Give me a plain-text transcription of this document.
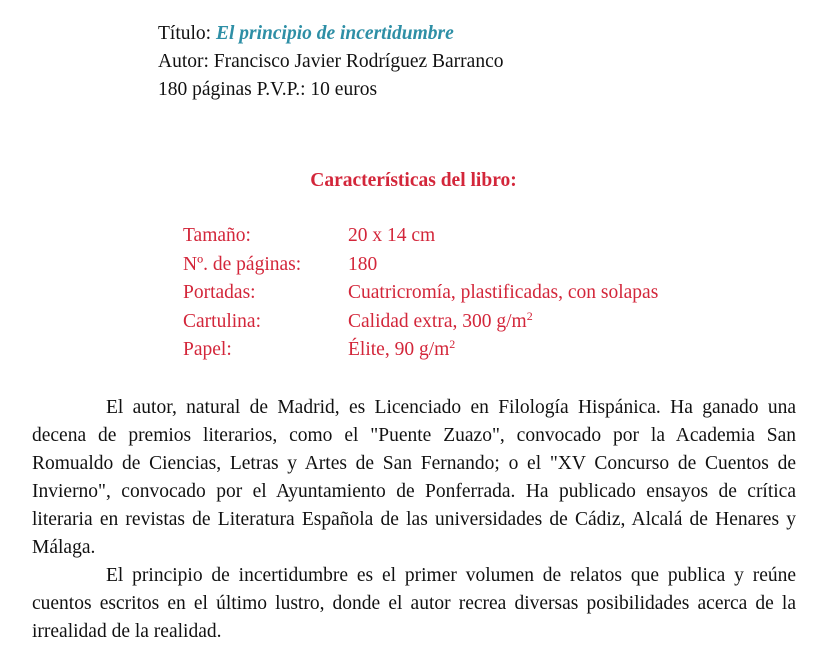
Título: El principio de incertidumbre
Autor: Francisco Javier Rodríguez Barranco
180 páginas P.V.P.: 10 euros
Características del libro:
Tamaño:	20 x 14 cm
Nº. de páginas:	180
Portadas:	Cuatricromía, plastificadas, con solapas
Cartulina:	Calidad extra, 300 $g/m^2$
Papel:	Élite, 90 $g/m^2$

El autor, natural de Madrid, es Licenciado en Filología Hispánica. Ha ganado una decena de premios literarios, como el "Puente Zuazo", convocado por la Academia San Romualdo de Ciencias, Letras y Artes de San Fernando; o el "XV Concurso de Cuentos de Invierno", convocado por el Ayuntamiento de Ponferrada. Ha publicado ensayos de crítica literaria en revistas de Literatura Española de las universidades de Cádiz, Alcalá de Henares y Málaga.

El principio de incertidumbre es el primer volumen de relatos que publica y reúne cuentos escritos en el último lustro, donde el autor recrea diversas posibilidades acerca de la irrealidad de la realidad.
